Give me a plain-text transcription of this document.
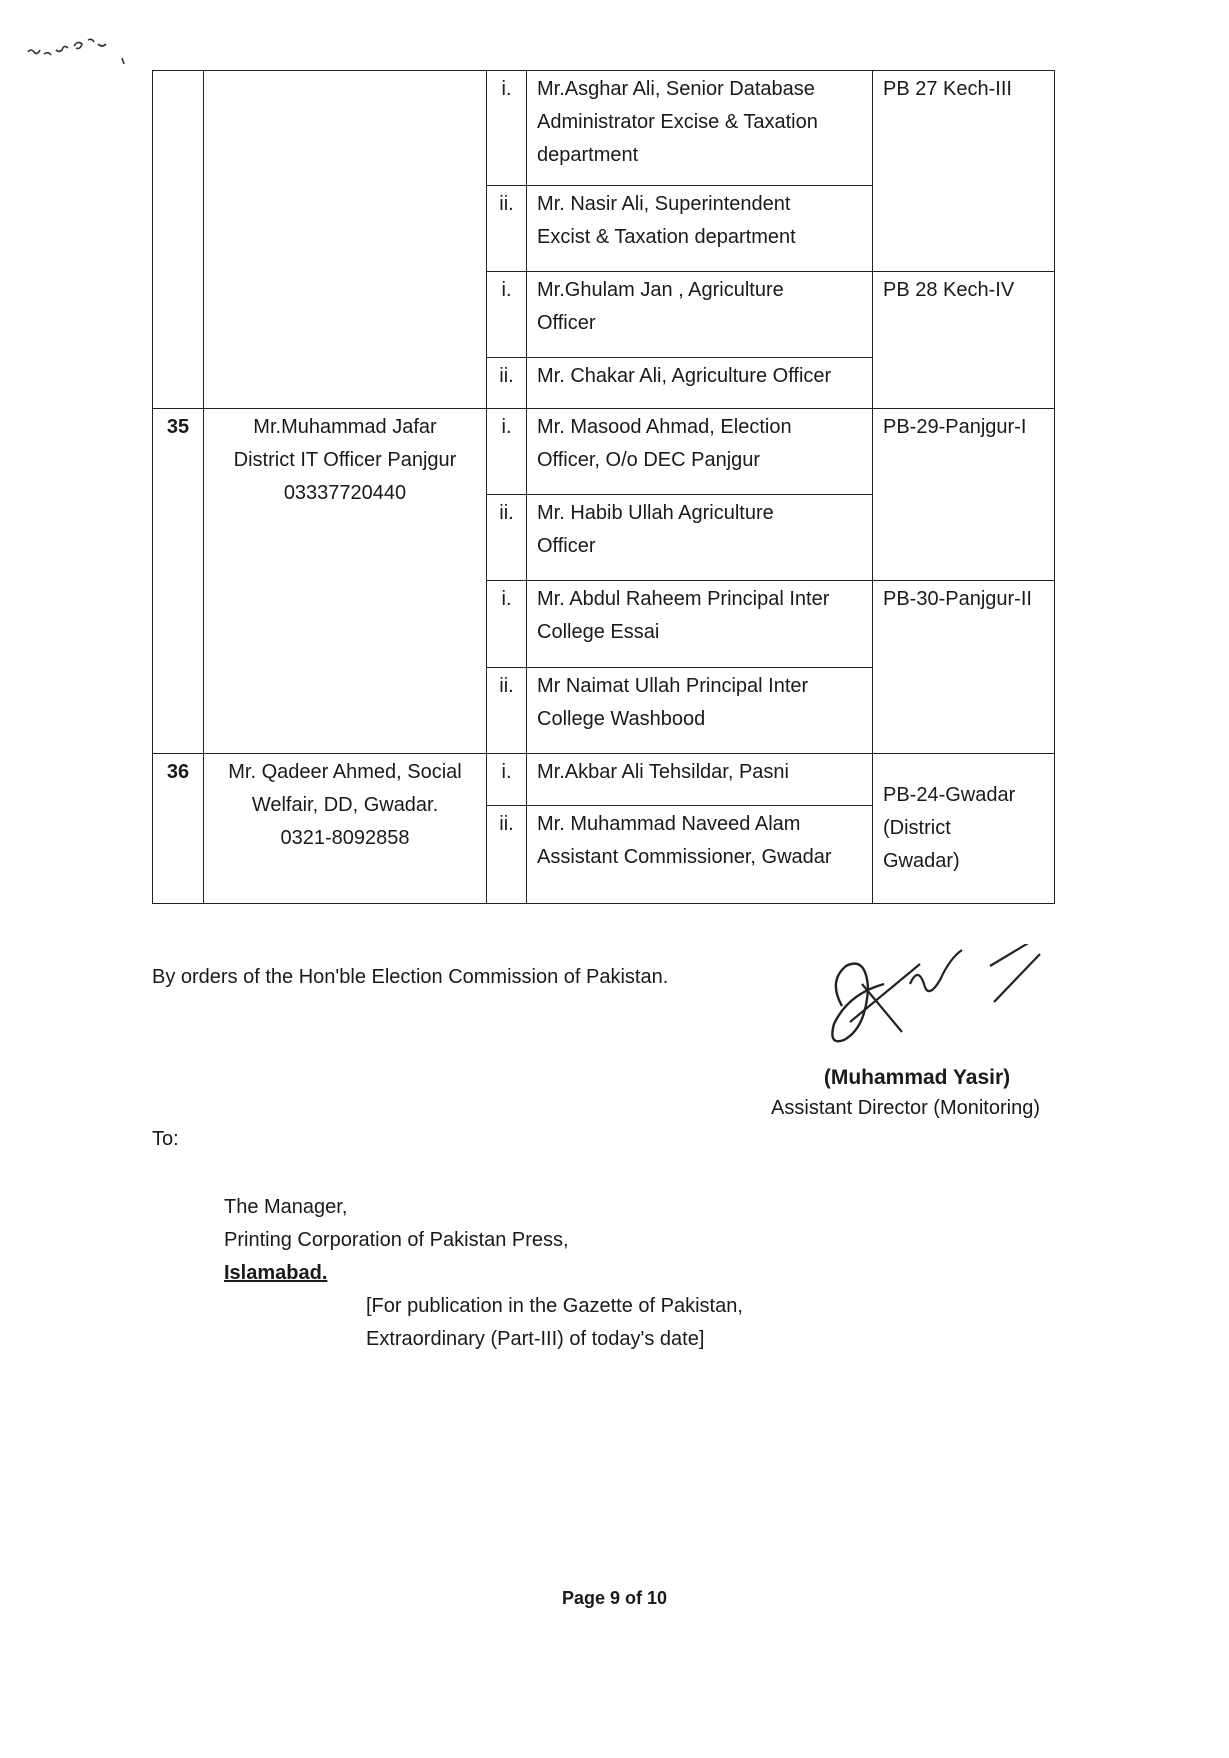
		i.	Mr.Asghar Ali, Senior Database
Administrator Excise & Taxation
department	PB 27 Kech-III
		ii.	Mr. Nasir Ali, Superintendent
Excist & Taxation department	

		i.	Mr.Ghulam Jan , Agriculture
Officer	PB 28 Kech-IV
		ii.	Mr. Chakar Ali, Agriculture Officer	

35	Mr.Muhammad Jafar
District IT Officer Panjgur
03337720440	i.	Mr. Masood Ahmad, Election
Officer, O/o DEC Panjgur	PB-29-Panjgur-I
		ii.	Mr. Habib Ullah Agriculture
Officer	

		i.	Mr. Abdul Raheem Principal Inter
College Essai	PB-30-Panjgur-II
		ii.	Mr Naimat Ullah Principal Inter
College Washbood	

36	Mr. Qadeer Ahmed, Social
Welfair, DD, Gwadar.
0321-8092858	i.	Mr.Akbar Ali Tehsildar, Pasni	PB-24-Gwadar
(District
Gwadar)

		ii.	Mr. Muhammad Naveed Alam
Assistant Commissioner, Gwadar	
By orders of the Hon'ble Election Commission of Pakistan.
(Muhammad Yasir)
Assistant Director (Monitoring)
To:
The Manager,
Printing Corporation of Pakistan Press,
Islamabad.
[For publication in the Gazette of Pakistan,
Extraordinary (Part-III) of today's date]
Page 9 of 10
